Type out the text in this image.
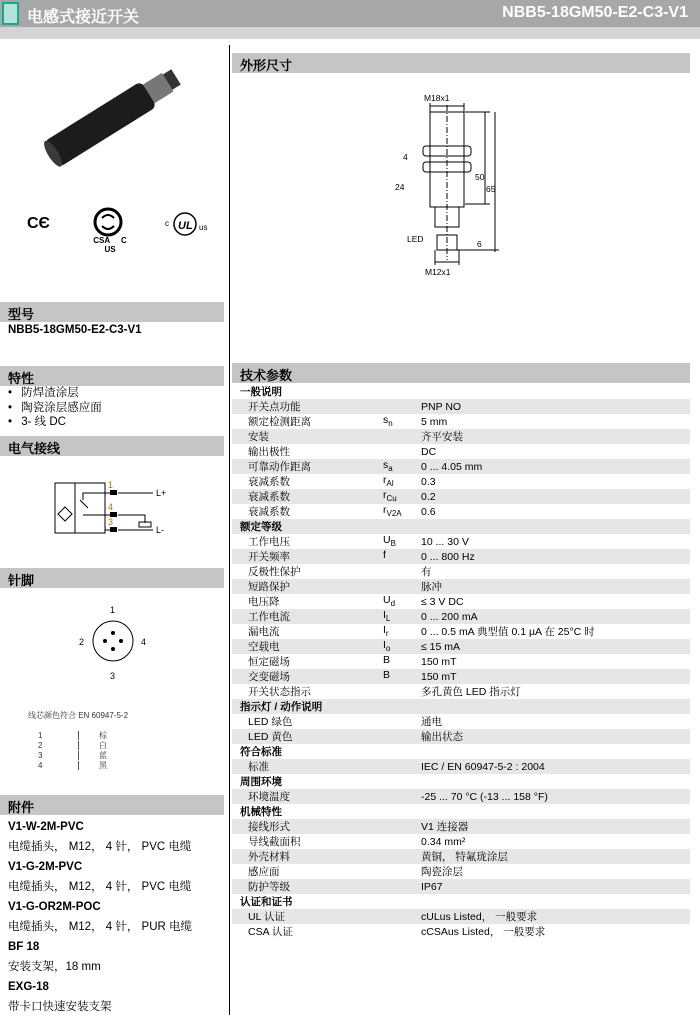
电感式接近开关	NBB5-18GM50-E2-C3-V1
CЄ
CSA C US
c UL us
型号
NBB5-18GM50-E2-C3-V1
特性
• 防焊渣涂层
• 陶瓷涂层感应面
• 3- 线 DC
电气接线
1
4
3
L+
L-
针脚
1
2
3
4
线芯颜色符合 EN 60947-5-2
1	棕
2	白
3	蓝
4	黑
附件
V1-W-2M-PVC
电缆插头， M12， 4 针， PVC 电缆
V1-G-2M-PVC
电缆插头， M12， 4 针， PVC 电缆
V1-G-OR2M-POC
电缆插头， M12， 4 针， PUR 电缆
BF 18
安装支架，18 mm
EXG-18
带卡口快速安装支架
外形尺寸
M18x1
M12x1
4
24
50
65
6
LED
技术参数
一般说明		
开关点功能		PNP NO
额定检测距离	$s_n$	5 mm
安装		齐平安装
输出极性		DC
可靠动作距离	$s_a$	0 ... 4.05 mm
衰减系数	$r_{Al}$	0.3
衰减系数	$r_{Cu}$	0.2
衰减系数	$r_{V2A}$	0.6
额定等级		
工作电压	$U_B$	10 ... 30 V
开关频率	f	0 ... 800 Hz
反极性保护		有
短路保护		脉冲
电压降	$U_d$	≤ 3 V DC
工作电流	$I_L$	0 ... 200 mA
漏电流	$I_r$	0 ... 0.5 mA 典型值 0.1 µA 在 25°C 时
空载电	$I_o$	≤ 15 mA
恒定磁场	B	150 mT
交变磁场	B	150 mT
开关状态指示		多孔黄色 LED 指示灯
指示灯 / 动作说明		
LED 绿色		通电
LED 黄色		输出状态
符合标准		
标准		IEC / EN 60947-5-2 : 2004
周围环境		
环境温度		-25 ... 70 °C (-13 ... 158 °F)
机械特性		
接线形式		V1 连接器
导线截面积		0.34 mm²
外壳材料		黄铜， 特氟珑涂层
感应面		陶瓷涂层
防护等级		IP67
认证和证书		
UL 认证		cULus Listed， 一般要求
CSA 认证		cCSAus Listed， 一般要求
